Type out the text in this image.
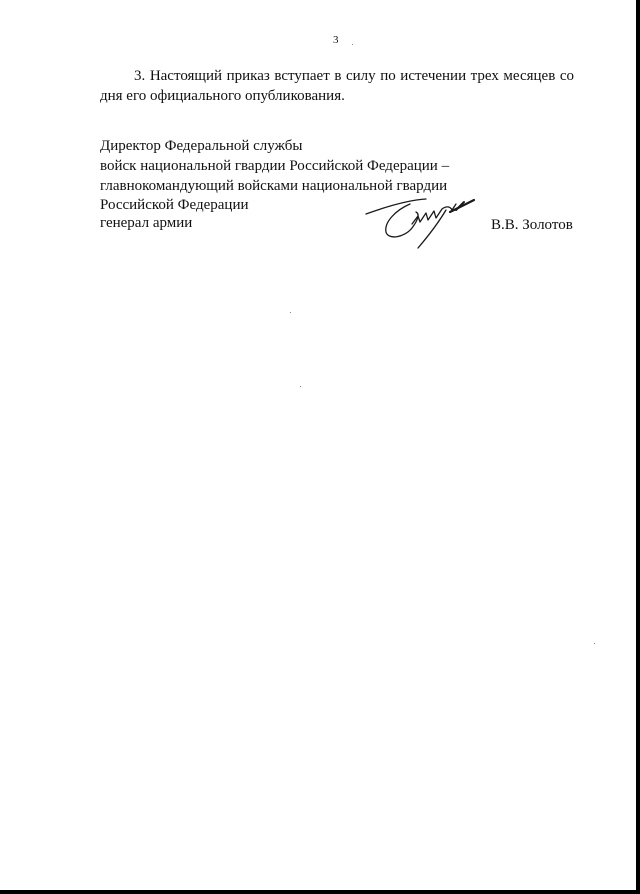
3
3. Настоящий приказ вступает в силу по истечении трех месяцев со дня его официального опубликования.
Директор Федеральной службы
войск национальной гвардии Российской Федерации –
главнокомандующий войсками национальной гвардии
Российской Федерации
генерал армии	В.В. Золотов
